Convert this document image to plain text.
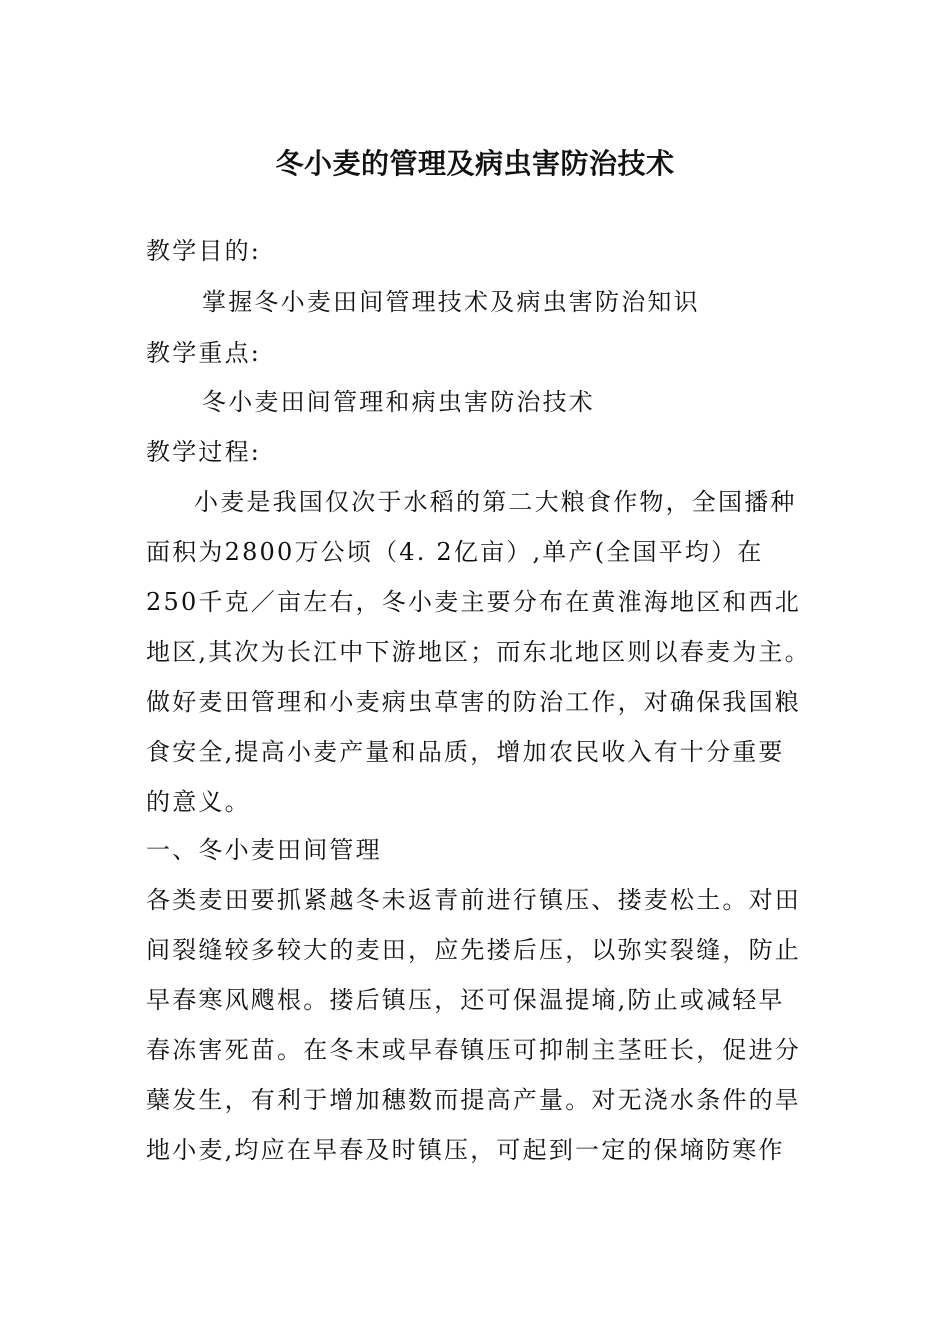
冬小麦的管理及病虫害防治技术
教学目的:
掌握冬小麦田间管理技术及病虫害防治知识
教学重点:
冬小麦田间管理和病虫害防治技术
教学过程:
小麦是我国仅次于水稻的第二大粮食作物，全国播种
面积为2800万公顷（4. 2亿亩）,单产(全国平均）在
250千克／亩左右，冬小麦主要分布在黄淮海地区和西北
地区,其次为长江中下游地区；而东北地区则以春麦为主。
做好麦田管理和小麦病虫草害的防治工作，对确保我国粮
食安全,提高小麦产量和品质，增加农民收入有十分重要
的意义。
一、冬小麦田间管理
各类麦田要抓紧越冬未返青前进行镇压、搂麦松土。对田
间裂缝较多较大的麦田，应先搂后压，以弥实裂缝，防止
早春寒风飕根。搂后镇压，还可保温提墒,防止或减轻早
春冻害死苗。在冬末或早春镇压可抑制主茎旺长，促进分
蘖发生，有利于增加穗数而提高产量。对无浇水条件的旱
地小麦,均应在早春及时镇压，可起到一定的保墒防寒作
